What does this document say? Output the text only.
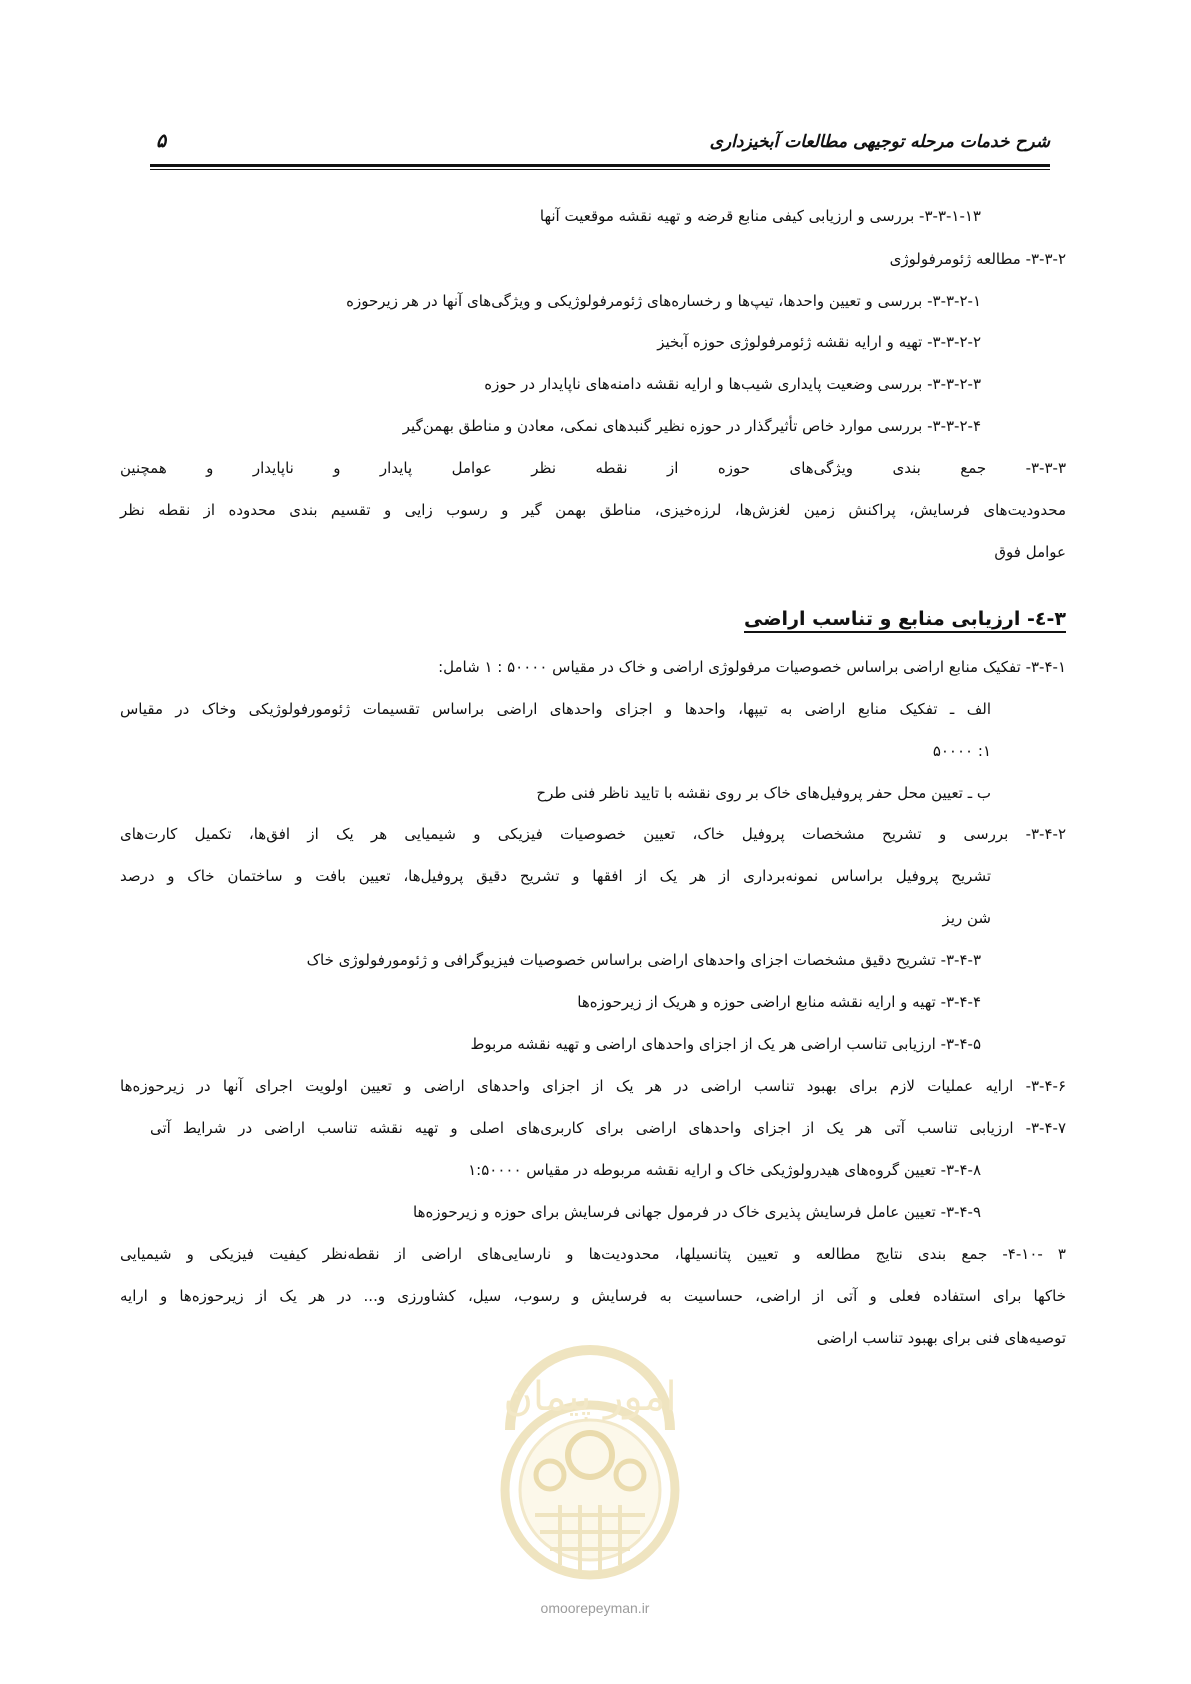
شرح خدمات مرحله توجیهی مطالعات آبخیزداری
۵
۳-۳-۱-۱۳- بررسی و ارزیابی کیفی منابع قرضه و تهیه نقشه موقعیت آنها
۳-۳-۲- مطالعه ژئومرفولوژی
۳-۳-۲-۱- بررسی و تعیین واحدها، تیپ‌ها و رخساره‌های ژئومرفولوژیکی و ویژگی‌های آنها در هر زیرحوزه
۳-۳-۲-۲- تهیه و ارایه نقشه ژئومرفولوژی حوزه آبخیز
۳-۳-۲-۳- بررسی وضعیت پایداری شیب‌ها و ارایه نقشه دامنه‌های ناپایدار در حوزه
۳-۳-۲-۴- بررسی موارد خاص تأثیرگذار در حوزه نظیر گنبدهای نمکی، معادن و مناطق بهمن‌گیر
۳-۳-۳- جمع بندی ویژگی‌های حوزه از نقطه نظر عوامل پایدار و ناپایدار و همچنین
محدودیت‌های فرسایش، پراکنش زمین لغزش‌ها، لرزه‌خیزی، مناطق بهمن گیر و رسوب زایی و تقسیم بندی محدوده از نقطه نظر
عوامل فوق
۳-٤- ارزیابی منابع و تناسب اراضی
۳-۴-۱- تفکیک منابع اراضی براساس خصوصیات مرفولوژی اراضی و خاک در مقیاس ۵۰۰۰۰ : ۱ شامل:
الف ـ تفکیک منابع اراضی به تیپها، واحدها و اجزای واحدهای اراضی براساس تقسیمات ژئومورفولوژیکی وخاک در مقیاس
۱: ۵۰۰۰۰
ب ـ تعیین محل حفر پروفیل‌های خاک بر روی نقشه با تایید ناظر فنی طرح
۳-۴-۲- بررسی و تشریح مشخصات پروفیل خاک، تعیین خصوصیات فیزیکی و شیمیایی هر یک از افق‌ها، تکمیل کارت‌های
تشریح پروفیل براساس نمونه‌برداری از هر یک از افقها و تشریح دقیق پروفیل‌ها، تعیین بافت و ساختمان خاک و درصد
شن ریز
۳-۴-۳- تشریح دقیق مشخصات اجزای واحدهای اراضی براساس خصوصیات فیزیوگرافی و ژئومورفولوژی خاک
۳-۴-۴- تهیه و ارایه نقشه منابع اراضی حوزه و هریک از زیرحوزه‌ها
۳-۴-۵- ارزیابی تناسب اراضی هر یک از اجزای واحدهای اراضی و تهیه نقشه مربوط
۳-۴-۶- ارایه عملیات لازم برای بهبود تناسب اراضی در هر یک از اجزای واحدهای اراضی و تعیین اولویت اجرای آنها در زیرحوزه‌ها
۳-۴-۷- ارزیابی تناسب آتی هر یک از اجزای واحدهای اراضی برای کاربری‌های اصلی و تهیه نقشه تناسب اراضی در شرایط آتی
۳-۴-۸- تعیین گروه‌های هیدرولوژیکی خاک و ارایه نقشه مربوطه در مقیاس ۱:۵۰۰۰۰
۳-۴-۹- تعیین عامل فرسایش پذیری خاک در فرمول جهانی فرسایش برای حوزه و زیرحوزه‌ها
۳ -۴-۱۰- جمع بندی نتایج مطالعه و تعیین پتانسیلها، محدودیت‌ها و نارسایی‌های اراضی از نقطه‌نظر کیفیت فیزیکی و شیمیایی
خاکها برای استفاده فعلی و آتی از اراضی، حساسیت به فرسایش و رسوب، سیل، کشاورزی و... در هر یک از زیرحوزه‌ها و ارایه
توصیه‌های فنی برای بهبود تناسب اراضی
امور پیمان
omoorepeyman.ir
